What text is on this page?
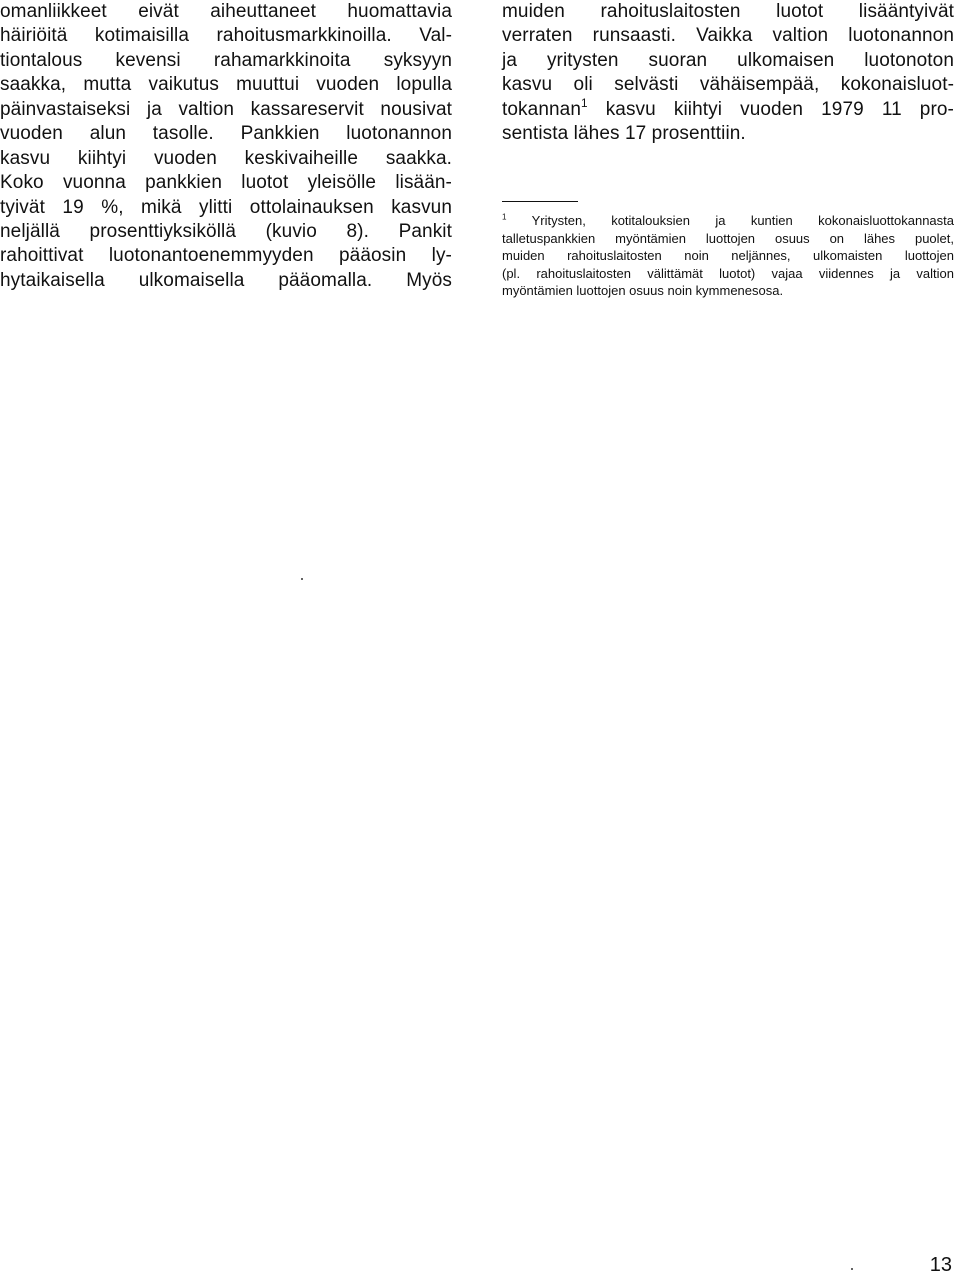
omanliikkeet eivät aiheuttaneet huomattavia
häiriöitä kotimaisilla rahoitusmarkkinoilla. Val-
tiontalous kevensi rahamarkkinoita syksyyn
saakka, mutta vaikutus muuttui vuoden lopulla
päinvastaiseksi ja valtion kassareservit nousivat
vuoden alun tasolle. Pankkien luotonannon
kasvu kiihtyi vuoden keskivaiheille saakka.
Koko vuonna pankkien luotot yleisölle lisään-
tyivät 19 %, mikä ylitti ottolainauksen kasvun
neljällä prosenttiyksiköllä (kuvio 8). Pankit
rahoittivat luotonantoenemmyyden pääosin ly-
hytaikaisella ulkomaisella pääomalla. Myös
muiden rahoituslaitosten luotot lisääntyivät
verraten runsaasti. Vaikka valtion luotonannon
ja yritysten suoran ulkomaisen luotonoton
kasvu oli selvästi vähäisempää, kokonaisluot-
tokannan$^1$ kasvu kiihtyi vuoden 1979 11 pro-
sentista lähes 17 prosenttiin.
$^1$ Yritysten, kotitalouksien ja kuntien kokonaisluottokannasta
talletuspankkien myöntämien luottojen osuus on lähes puolet,
muiden rahoituslaitosten noin neljännes, ulkomaisten luottojen
(pl. rahoituslaitosten välittämät luotot) vajaa viidennes ja valtion
myöntämien luottojen osuus noin kymmenesosa.
13
